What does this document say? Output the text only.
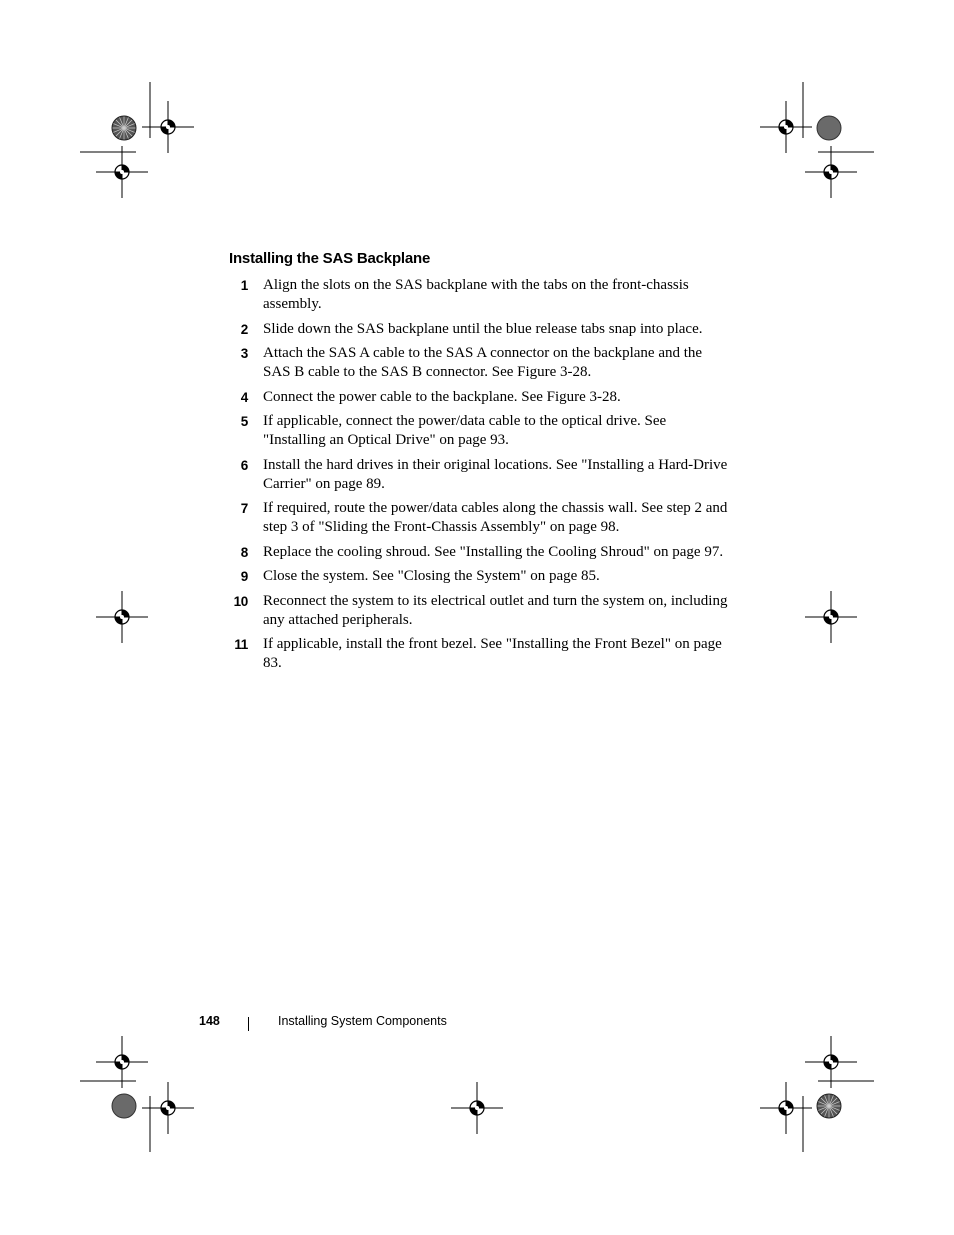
Installing the SAS Backplane
1 Align the slots on the SAS backplane with the tabs on the front-chassis assembly.
2 Slide down the SAS backplane until the blue release tabs snap into place.
3 Attach the SAS A cable to the SAS A connector on the backplane and the SAS B cable to the SAS B connector. See Figure 3-28.
4 Connect the power cable to the backplane. See Figure 3-28.
5 If applicable, connect the power/data cable to the optical drive. See "Installing an Optical Drive" on page 93.
6 Install the hard drives in their original locations. See "Installing a Hard-Drive Carrier" on page 89.
7 If required, route the power/data cables along the chassis wall. See step 2 and step 3 of "Sliding the Front-Chassis Assembly" on page 98.
8 Replace the cooling shroud. See "Installing the Cooling Shroud" on page 97.
9 Close the system. See "Closing the System" on page 85.
10 Reconnect the system to its electrical outlet and turn the system on, including any attached peripherals.
11 If applicable, install the front bezel. See "Installing the Front Bezel" on page 83.
148	Installing System Components
